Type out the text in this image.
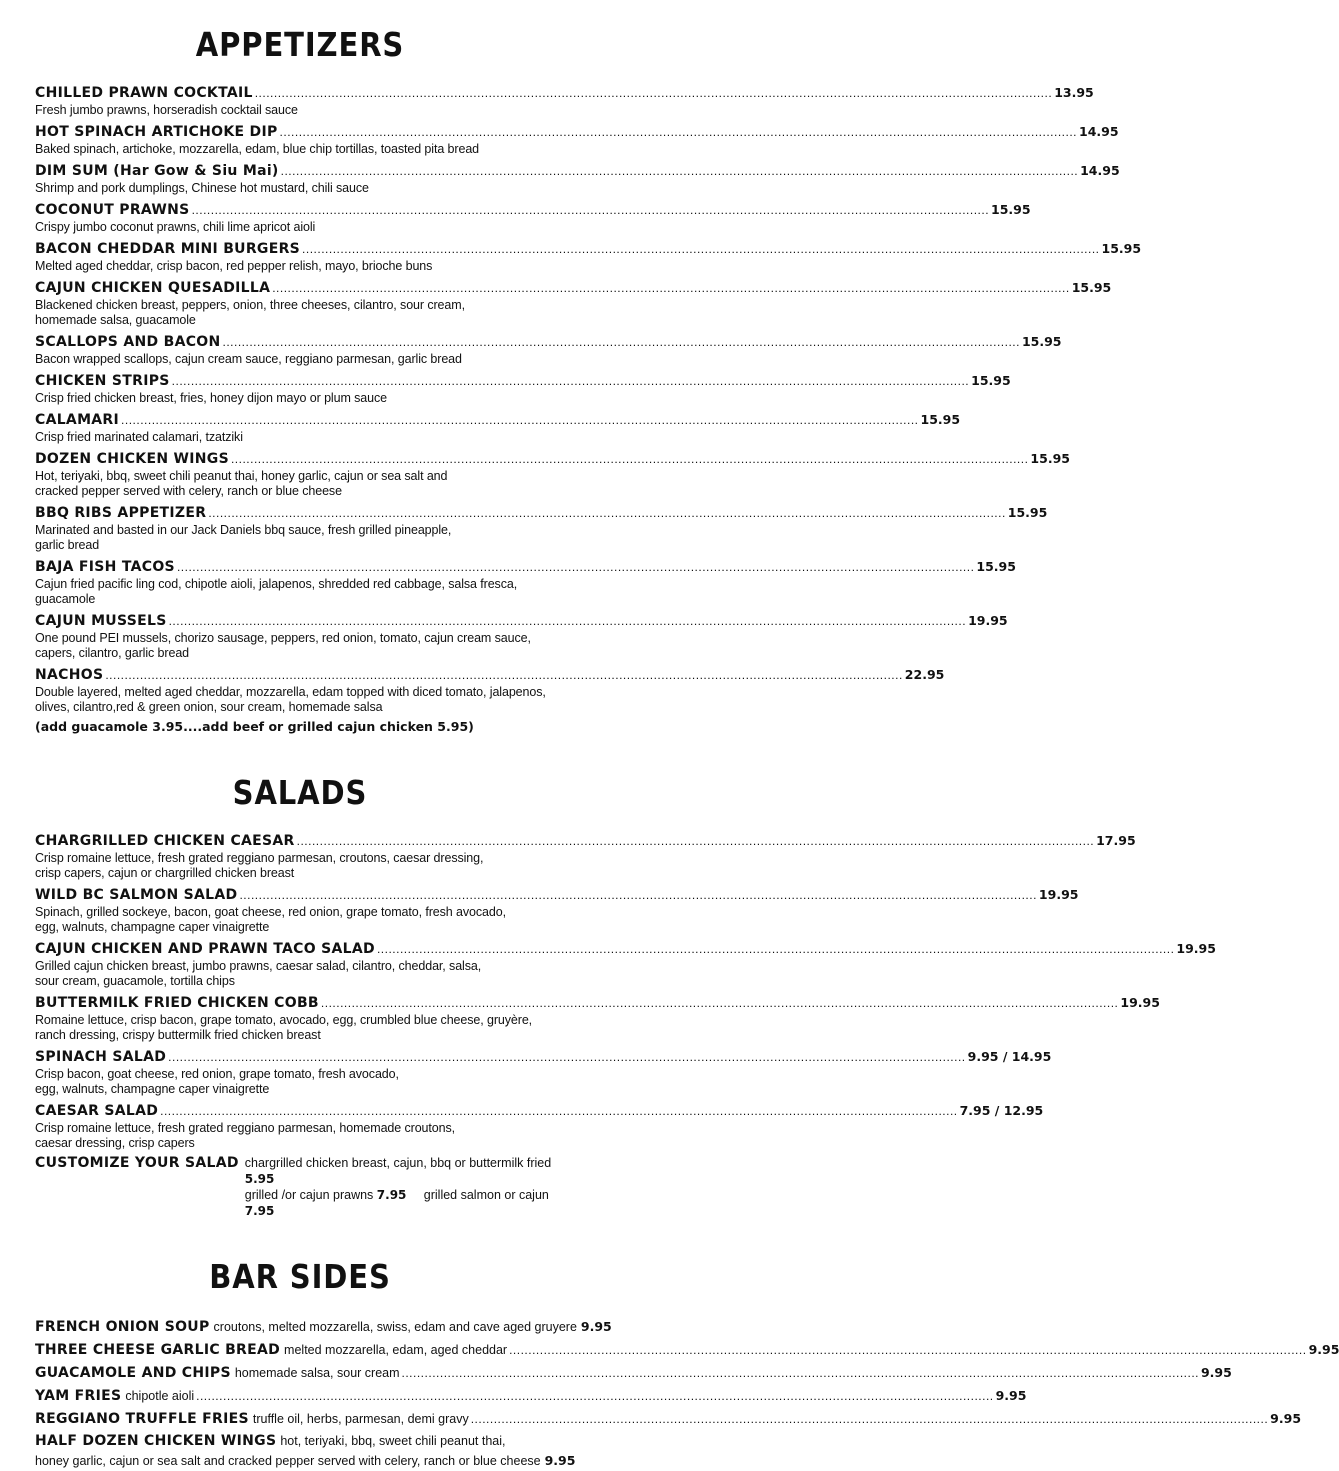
APPETIZERS
CHILLED PRAWN COCKTAIL .....	13.95
Fresh jumbo prawns, horseradish cocktail sauce
HOT SPINACH ARTICHOKE DIP .....	14.95
Baked spinach, artichoke, mozzarella, edam, blue chip tortillas, toasted pita bread
DIM SUM (Har Gow & Siu Mai) .....	14.95
Shrimp and pork dumplings, Chinese hot mustard, chili sauce
COCONUT PRAWNS .....	15.95
Crispy jumbo coconut prawns, chili lime apricot aioli
BACON CHEDDAR MINI BURGERS .....	15.95
Melted aged cheddar, crisp bacon, red pepper relish, mayo, brioche buns
CAJUN CHICKEN QUESADILLA .....	15.95
Blackened chicken breast, peppers, onion, three cheeses, cilantro, sour cream,
homemade salsa, guacamole
SCALLOPS AND BACON .....	15.95
Bacon wrapped scallops, cajun cream sauce, reggiano parmesan, garlic bread
CHICKEN STRIPS .....	15.95
Crisp fried chicken breast, fries, honey dijon mayo or plum sauce
CALAMARI .....	15.95
Crisp fried marinated calamari, tzatziki
DOZEN CHICKEN WINGS .....	15.95
Hot, teriyaki, bbq, sweet chili peanut thai, honey garlic, cajun or sea salt and
cracked pepper served with celery, ranch or blue cheese
BBQ RIBS APPETIZER .....	15.95
Marinated and basted in our Jack Daniels bbq sauce, fresh grilled pineapple,
garlic bread
BAJA FISH TACOS .....	15.95
Cajun fried pacific ling cod, chipotle aioli, jalapenos, shredded red cabbage, salsa fresca, guacamole
CAJUN MUSSELS .....	19.95
One pound PEI mussels, chorizo sausage, peppers, red onion, tomato, cajun cream sauce,
capers, cilantro, garlic bread
NACHOS .....	22.95
Double layered, melted aged cheddar, mozzarella, edam topped with diced tomato, jalapenos,
olives, cilantro,red & green onion, sour cream, homemade salsa
(add guacamole 3.95....add beef or grilled cajun chicken 5.95)
SALADS
CHARGRILLED CHICKEN CAESAR .....	17.95
Crisp romaine lettuce, fresh grated reggiano parmesan, croutons, caesar dressing,
crisp capers, cajun or chargrilled chicken breast
WILD BC SALMON SALAD .....	19.95
Spinach, grilled sockeye, bacon, goat cheese, red onion, grape tomato, fresh avocado,
egg, walnuts, champagne caper vinaigrette
CAJUN CHICKEN AND PRAWN TACO SALAD .....	19.95
Grilled cajun chicken breast, jumbo prawns, caesar salad, cilantro, cheddar, salsa,
sour cream, guacamole, tortilla chips
BUTTERMILK FRIED CHICKEN COBB .....	19.95
Romaine lettuce, crisp bacon, grape tomato, avocado, egg, crumbled blue cheese, gruyère,
ranch dressing, crispy buttermilk fried chicken breast
SPINACH SALAD .....	9.95 / 14.95
Crisp bacon, goat cheese, red onion, grape tomato, fresh avocado,
egg, walnuts, champagne caper vinaigrette
CAESAR SALAD .....	7.95 / 12.95
Crisp romaine lettuce, fresh grated reggiano parmesan, homemade croutons,
caesar dressing, crisp capers
CUSTOMIZE YOUR SALAD chargrilled chicken breast, cajun, bbq or buttermilk fried 5.95
grilled /or cajun prawns 7.95 grilled salmon or cajun 7.95
BAR SIDES
FRENCH ONION SOUP croutons, melted mozzarella, swiss, edam and cave aged gruyere 9.95
THREE CHEESE GARLIC BREAD melted mozzarella, edam, aged cheddar .....	9.95
GUACAMOLE AND CHIPS homemade salsa, sour cream .....	9.95
YAM FRIES chipotle aioli .....	9.95
REGGIANO TRUFFLE FRIES truffle oil, herbs, parmesan, demi gravy .....	9.95
HALF DOZEN CHICKEN WINGS hot, teriyaki, bbq, sweet chili peanut thai,
honey garlic, cajun or sea salt and cracked pepper served with celery, ranch or blue cheese 9.95
